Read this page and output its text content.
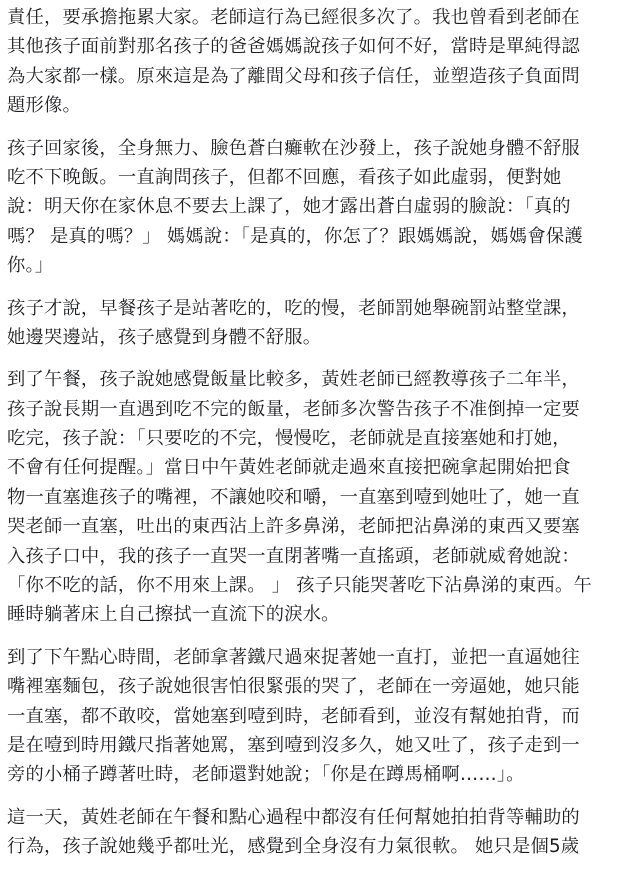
責任，要承擔拖累大家。老師這行為已經很多次了。我也曾看到老師在
其他孩子面前對那名孩子的爸爸媽媽說孩子如何不好，當時是單純得認
為大家都一樣。原來這是為了離間父母和孩子信任，並塑造孩子負面問
題形像。
孩子回家後，全身無力、臉色蒼白癱軟在沙發上，孩子說她身體不舒服
吃不下晚飯。一直詢問孩子，但都不回應，看孩子如此虛弱，便對她
說：明天你在家休息不要去上課了，她才露出蒼白虛弱的臉說：「真的
嗎？ 是真的嗎？」 媽媽說：「是真的，你怎了？跟媽媽說，媽媽會保護
你。」
孩子才說，早餐孩子是站著吃的，吃的慢，老師罰她舉碗罰站整堂課，
她邊哭邊站，孩子感覺到身體不舒服。
到了午餐，孩子說她感覺飯量比較多，黃姓老師已經教導孩子二年半，
孩子說長期一直遇到吃不完的飯量，老師多次警告孩子不准倒掉一定要
吃完，孩子說：「只要吃的不完，慢慢吃，老師就是直接塞她和打她，
不會有任何提醒。」當日中午黃姓老師就走過來直接把碗拿起開始把食
物一直塞進孩子的嘴裡，不讓她咬和嚼，一直塞到噎到她吐了，她一直
哭老師一直塞，吐出的東西沾上許多鼻涕，老師把沾鼻涕的東西又要塞
入孩子口中，我的孩子一直哭一直閉著嘴一直搖頭，老師就威脅她說：
「你不吃的話，你不用來上課。 」 孩子只能哭著吃下沾鼻涕的東西。午
睡時躺著床上自己擦拭一直流下的淚水。
到了下午點心時間，老師拿著鐵尺過來捉著她一直打，並把一直逼她往
嘴裡塞麵包，孩子說她很害怕很緊張的哭了，老師在一旁逼她，她只能
一直塞，都不敢咬，當她塞到噎到時，老師看到，並沒有幫她拍背，而
是在噎到時用鐵尺指著她罵，塞到噎到沒多久，她又吐了，孩子走到一
旁的小桶子蹲著吐時，老師還對她說；「你是在蹲馬桶啊……」。
這一天，黃姓老師在午餐和點心過程中都沒有任何幫她拍拍背等輔助的
行為，孩子說她幾乎都吐光，感覺到全身沒有力氣很軟。 她只是個5歲
